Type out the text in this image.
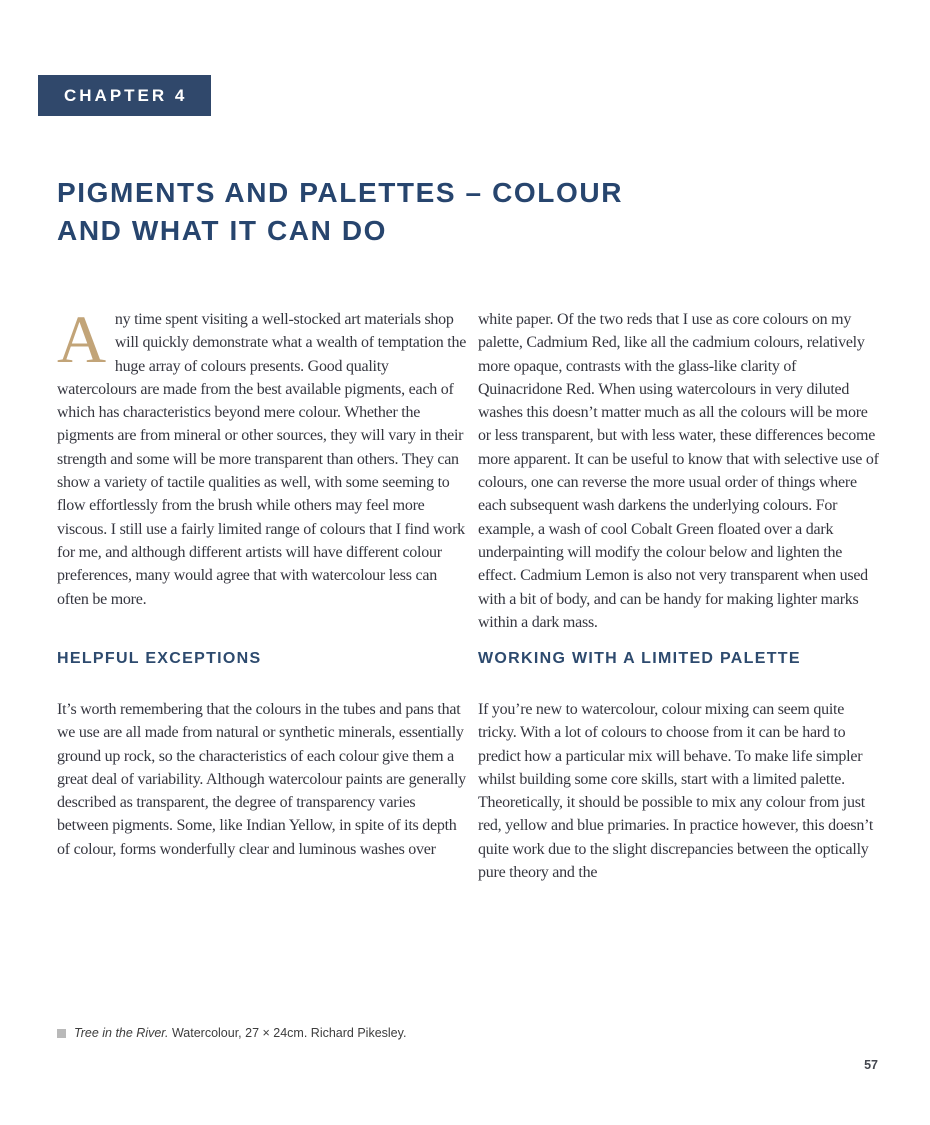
CHAPTER 4
PIGMENTS AND PALETTES – COLOUR
AND WHAT IT CAN DO

Any time spent visiting a well-stocked art materials shop will quickly demonstrate what a wealth of temptation the huge array of colours presents. Good quality watercolours are made from the best available pigments, each of which has characteristics beyond mere colour. Whether the pigments are from mineral or other sources, they will vary in their strength and some will be more transparent than others. They can show a variety of tactile qualities as well, with some seeming to flow effortlessly from the brush while others may feel more viscous. I still use a fairly limited range of colours that I find work for me, and although different artists will have different colour preferences, many would agree that with watercolour less can often be more.

white paper. Of the two reds that I use as core colours on my palette, Cadmium Red, like all the cadmium colours, relatively more opaque, contrasts with the glass-like clarity of Quinacridone Red. When using watercolours in very diluted washes this doesn’t matter much as all the colours will be more or less transparent, but with less water, these differences become more apparent. It can be useful to know that with selective use of colours, one can reverse the more usual order of things where each subsequent wash darkens the underlying colours. For example, a wash of cool Cobalt Green floated over a dark underpainting will modify the colour below and lighten the effect. Cadmium Lemon is also not very transparent when used with a bit of body, and can be handy for making lighter marks within a dark mass.

HELPFUL EXCEPTIONS	WORKING WITH A LIMITED PALETTE

It’s worth remembering that the colours in the tubes and pans that we use are all made from natural or synthetic minerals, essentially ground up rock, so the characteristics of each colour give them a great deal of variability. Although watercolour paints are generally described as transparent, the degree of transparency varies between pigments. Some, like Indian Yellow, in spite of its depth of colour, forms wonderfully clear and luminous washes over

If you’re new to watercolour, colour mixing can seem quite tricky. With a lot of colours to choose from it can be hard to predict how a particular mix will behave. To make life simpler whilst building some core skills, start with a limited palette. Theoretically, it should be possible to mix any colour from just red, yellow and blue primaries. In practice however, this doesn’t quite work due to the slight discrepancies between the optically pure theory and the

Tree in the River. Watercolour, 27 × 24cm. Richard Pikesley.
57
